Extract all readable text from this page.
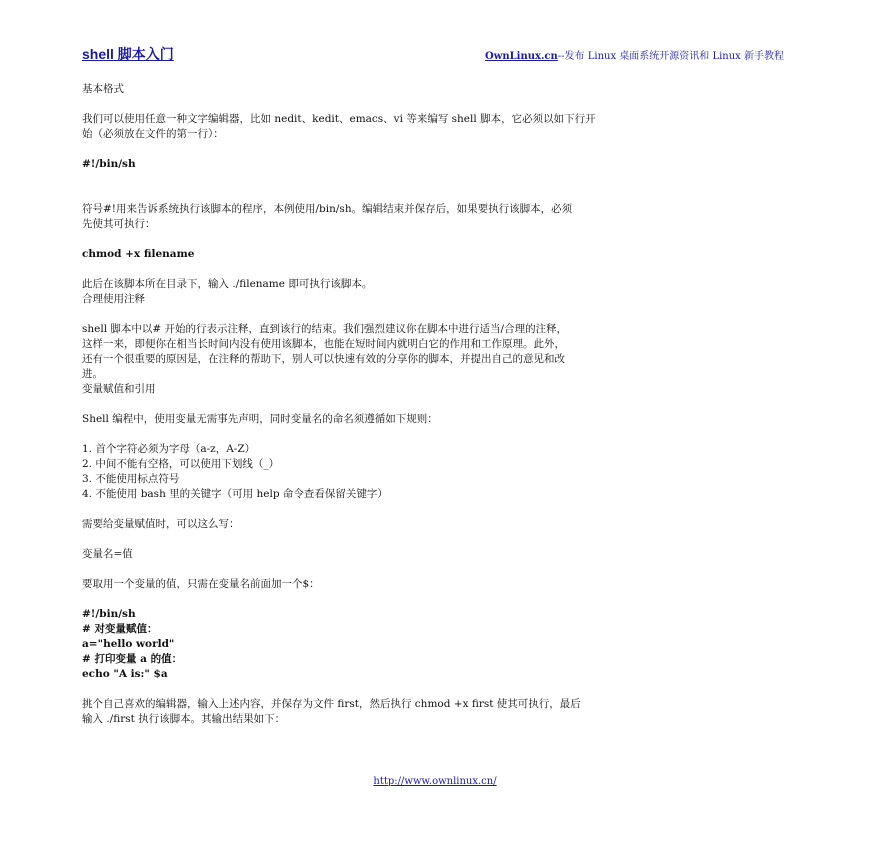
shell 脚本入门	OwnLinux.cn--发布 Linux 桌面系统开源资讯和 Linux 新手教程

基本格式

我们可以使用任意一种文字编辑器，比如 nedit、kedit、emacs、vi 等来编写 shell 脚本，它必须以如下行开

始（必须放在文件的第一行）：

#!/bin/sh

符号#!用来告诉系统执行该脚本的程序，本例使用/bin/sh。编辑结束并保存后，如果要执行该脚本，必须

先使其可执行：

chmod +x filename

此后在该脚本所在目录下，输入 ./filename 即可执行该脚本。

合理使用注释

shell 脚本中以# 开始的行表示注释，直到该行的结束。我们强烈建议你在脚本中进行适当/合理的注释，

这样一来，即便你在相当长时间内没有使用该脚本，也能在短时间内就明白它的作用和工作原理。此外，

还有一个很重要的原因是，在注释的帮助下，别人可以快速有效的分享你的脚本，并提出自己的意见和改

进。

变量赋值和引用

Shell 编程中，使用变量无需事先声明，同时变量名的命名须遵循如下规则：

1. 首个字符必须为字母（a-z，A-Z）

2. 中间不能有空格，可以使用下划线（_）

3. 不能使用标点符号

4. 不能使用 bash 里的关键字（可用 help 命令查看保留关键字）

需要给变量赋值时，可以这么写：

变量名=值

要取用一个变量的值，只需在变量名前面加一个$：

#!/bin/sh

# 对变量赋值：

a="hello world"

# 打印变量 a 的值：

echo "A is:" $a

挑个自己喜欢的编辑器，输入上述内容，并保存为文件 first，然后执行 chmod +x first 使其可执行，最后

输入 ./first 执行该脚本。其输出结果如下：

http://www.ownlinux.cn/
